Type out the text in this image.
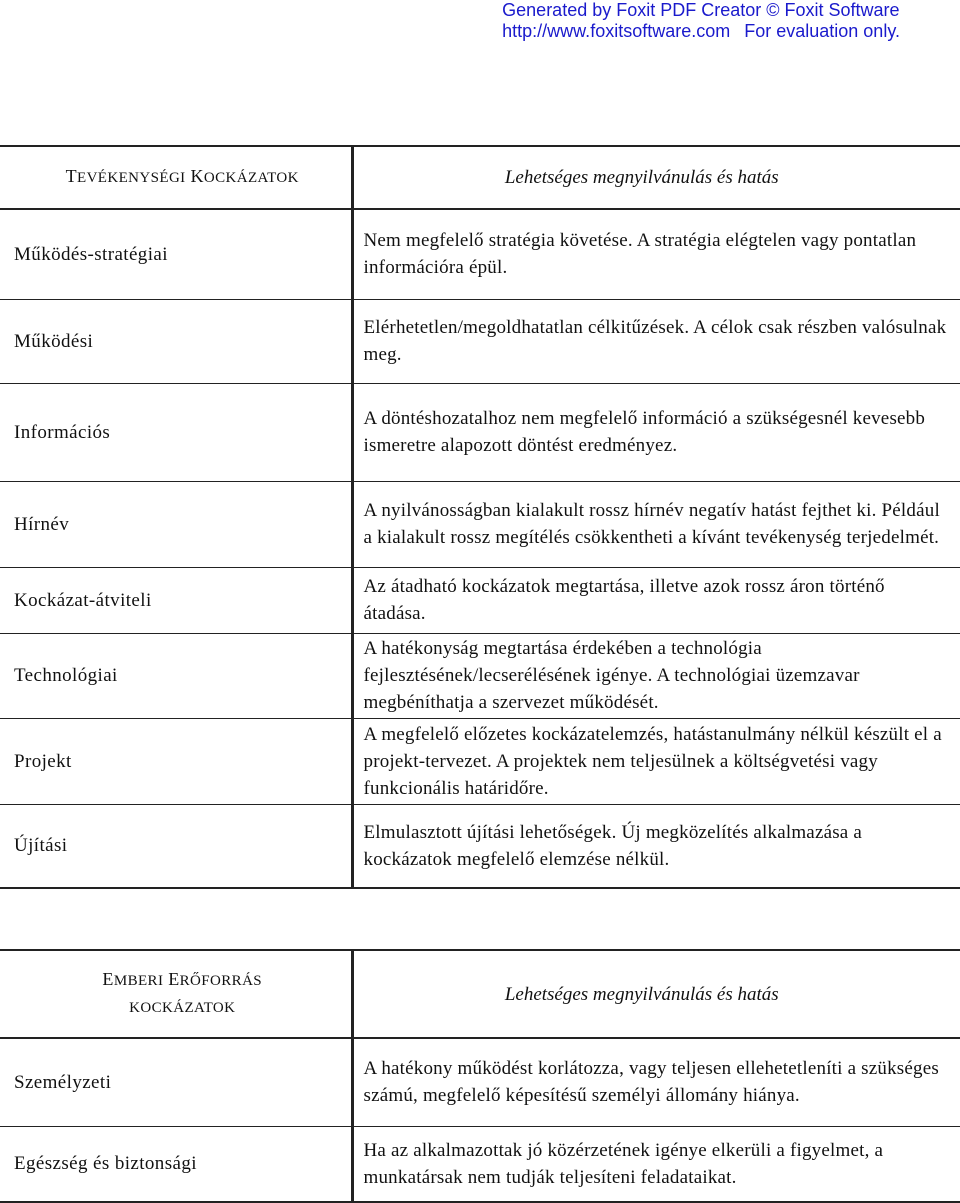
Generated by Foxit PDF Creator © Foxit Software
http://www.foxitsoftware.com For evaluation only.
TEVÉKENYSÉGI KOCKÁZATOK	Lehetséges megnyilvánulás és hatás
Működés-stratégiai	Nem megfelelő stratégia követése. A stratégia elégtelen vagy pontatlan információra épül.
Működési	Elérhetetlen/megoldhatatlan célkitűzések. A célok csak részben valósulnak meg.
Információs	A döntéshozatalhoz nem megfelelő információ a szükségesnél kevesebb ismeretre alapozott döntést eredményez.
Hírnév	A nyilvánosságban kialakult rossz hírnév negatív hatást fejthet ki. Például a kialakult rossz megítélés csökkentheti a kívánt tevékenység terjedelmét.
Kockázat-átviteli	Az átadható kockázatok megtartása, illetve azok rossz áron történő átadása.
Technológiai	A hatékonyság megtartása érdekében a technológia fejlesztésének/lecserélésének igénye. A technológiai üzemzavar megbéníthatja a szervezet működését.
Projekt	A megfelelő előzetes kockázatelemzés, hatástanulmány nélkül készült el a projekt-tervezet. A projektek nem teljesülnek a költségvetési vagy funkcionális határidőre.
Újítási	Elmulasztott újítási lehetőségek. Új megközelítés alkalmazása a kockázatok megfelelő elemzése nélkül.
EMBERI ERŐFORRÁS
KOCKÁZATOK	Lehetséges megnyilvánulás és hatás
Személyzeti	A hatékony működést korlátozza, vagy teljesen ellehetetleníti a szükséges számú, megfelelő képesítésű személyi állomány hiánya.
Egészség és biztonsági	Ha az alkalmazottak jó közérzetének igénye elkerüli a figyelmet, a munkatársak nem tudják teljesíteni feladataikat.
